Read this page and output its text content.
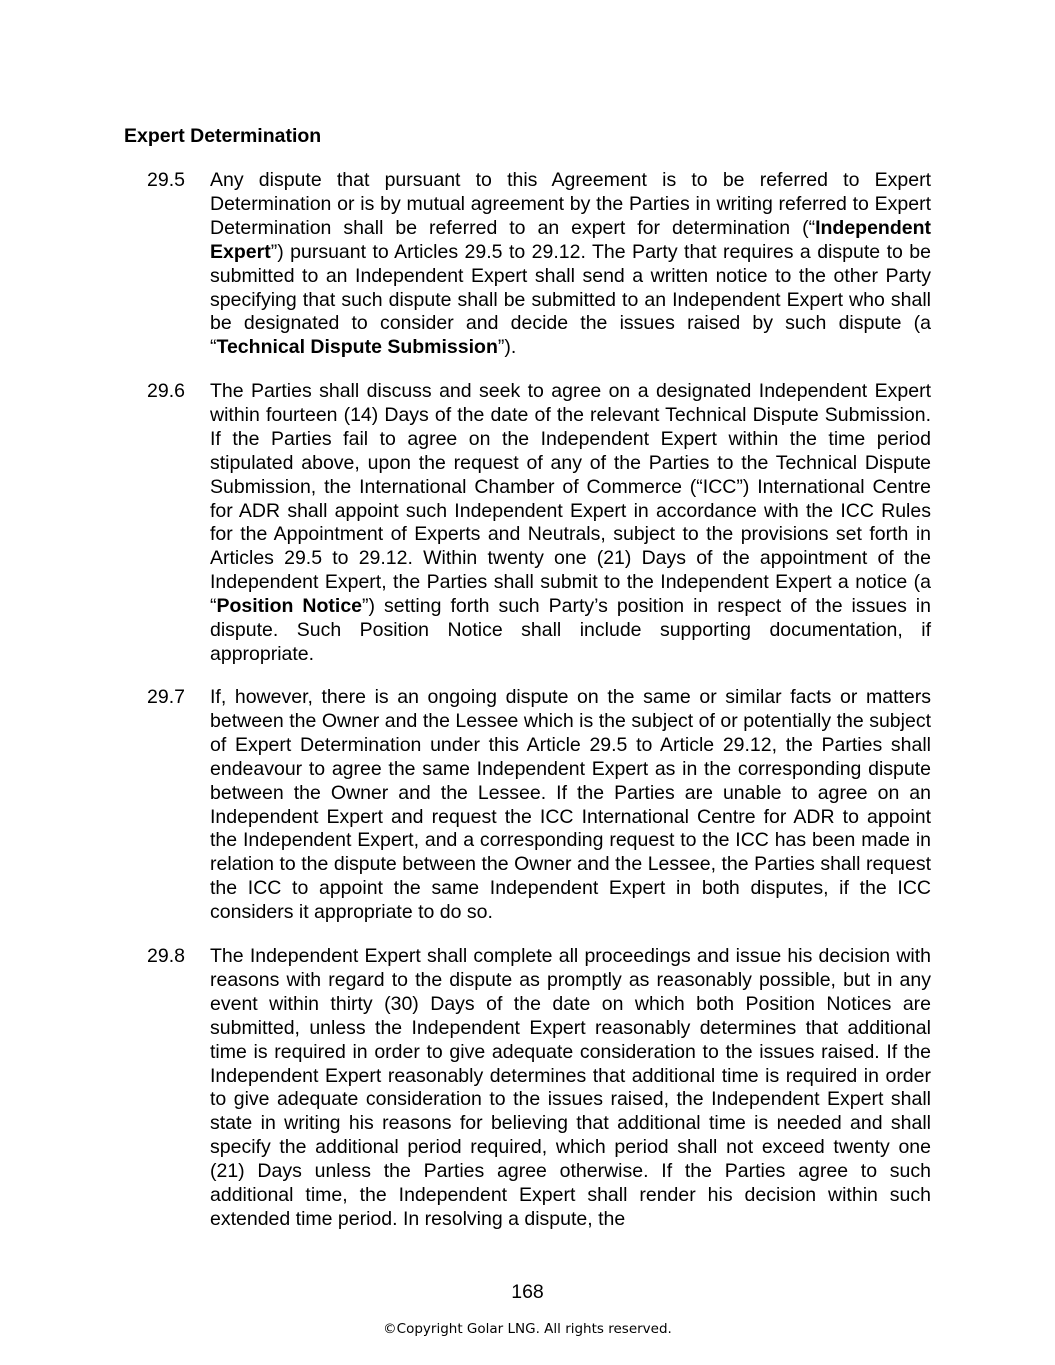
Expert Determination
29.5 Any dispute that pursuant to this Agreement is to be referred to Expert Determination or is by mutual agreement by the Parties in writing referred to Expert Determination shall be referred to an expert for determination (“Independent Expert”) pursuant to Articles 29.5 to 29.12. The Party that requires a dispute to be submitted to an Independent Expert shall send a written notice to the other Party specifying that such dispute shall be submitted to an Independent Expert who shall be designated to consider and decide the issues raised by such dispute (a “Technical Dispute Submission”).

29.6 The Parties shall discuss and seek to agree on a designated Independent Expert within fourteen (14) Days of the date of the relevant Technical Dispute Submission. If the Parties fail to agree on the Independent Expert within the time period stipulated above, upon the request of any of the Parties to the Technical Dispute Submission, the International Chamber of Commerce (“ICC”) International Centre for ADR shall appoint such Independent Expert in accordance with the ICC Rules for the Appointment of Experts and Neutrals, subject to the provisions set forth in Articles 29.5 to 29.12. Within twenty one (21) Days of the appointment of the Independent Expert, the Parties shall submit to the Independent Expert a notice (a “Position Notice”) setting forth such Party’s position in respect of the issues in dispute. Such Position Notice shall include supporting documentation, if appropriate.

29.7 If, however, there is an ongoing dispute on the same or similar facts or matters between the Owner and the Lessee which is the subject of or potentially the subject of Expert Determination under this Article 29.5 to Article 29.12, the Parties shall endeavour to agree the same Independent Expert as in the corresponding dispute between the Owner and the Lessee. If the Parties are unable to agree on an Independent Expert and request the ICC International Centre for ADR to appoint the Independent Expert, and a corresponding request to the ICC has been made in relation to the dispute between the Owner and the Lessee, the Parties shall request the ICC to appoint the same Independent Expert in both disputes, if the ICC considers it appropriate to do so.

29.8 The Independent Expert shall complete all proceedings and issue his decision with reasons with regard to the dispute as promptly as reasonably possible, but in any event within thirty (30) Days of the date on which both Position Notices are submitted, unless the Independent Expert reasonably determines that additional time is required in order to give adequate consideration to the issues raised. If the Independent Expert reasonably determines that additional time is required in order to give adequate consideration to the issues raised, the Independent Expert shall state in writing his reasons for believing that additional time is needed and shall specify the additional period required, which period shall not exceed twenty one (21) Days unless the Parties agree otherwise. If the Parties agree to such additional time, the Independent Expert shall render his decision within such extended time period. In resolving a dispute, the

168
©Copyright Golar LNG. All rights reserved.
